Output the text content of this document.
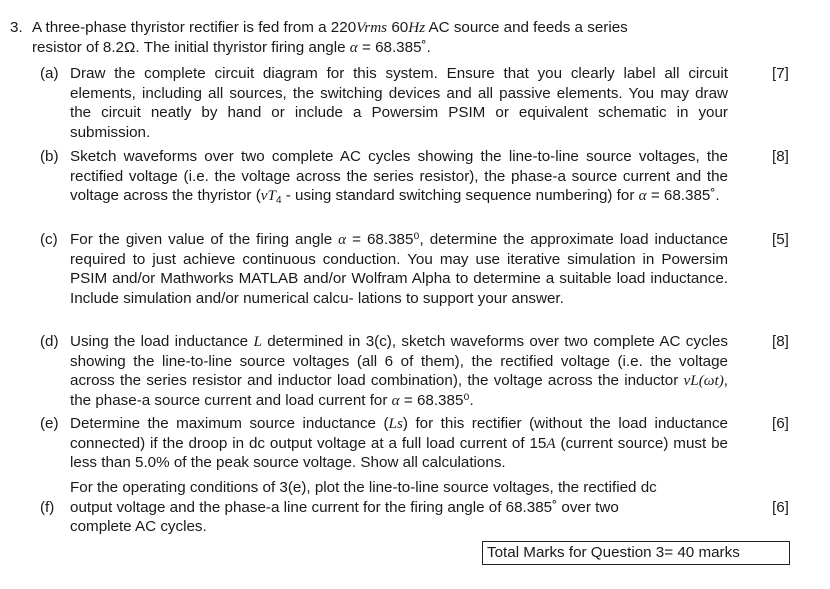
3. A three-phase thyristor rectifier is fed from a 220Vrms 60Hz AC source and feeds a series
resistor of 8.2Ω. The initial thyristor firing angle α = 68.385˚.
(a) Draw the complete circuit diagram for this system. Ensure that you clearly label all circuit elements, including all sources, the switching devices and all passive elements. You may draw the circuit neatly by hand or include a Powersim PSIM or equivalent schematic in your submission.
[7]
(b) Sketch waveforms over two complete AC cycles showing the line-to-line source voltages, the rectified voltage (i.e. the voltage across the series resistor), the phase-a source current and the voltage across the thyristor ($vT_4$ - using standard switching sequence numbering) for α = 68.385˚.
[8]
(c) For the given value of the firing angle α = 68.385⁰, determine the approximate load inductance required to just achieve continuous conduction. You may use iterative simulation in Powersim PSIM and/or Mathworks MATLAB and/or Wolfram Alpha to determine a suitable load inductance. Include simulation and/or numerical calcu- lations to support your answer.
[5]
(d) Using the load inductance L determined in 3(c), sketch waveforms over two complete AC cycles showing the line-to-line source voltages (all 6 of them), the rectified voltage (i.e. the voltage across the series resistor and inductor load combination), the voltage across the inductor vL(ωt), the phase-a source current and load current for α = 68.385⁰.
[8]
(e) Determine the maximum source inductance (Ls) for this rectifier (without the load inductance connected) if the droop in dc output voltage at a full load current of 15A (current source) must be less than 5.0% of the peak source voltage. Show all calculations.
[6]
For the operating conditions of 3(e), plot the line-to-line source voltages, the rectified dc
(f)	output voltage and the phase-a line current for the firing angle of 68.385˚ over two	[6]
complete AC cycles.
Total Marks for Question 3= 40 marks
